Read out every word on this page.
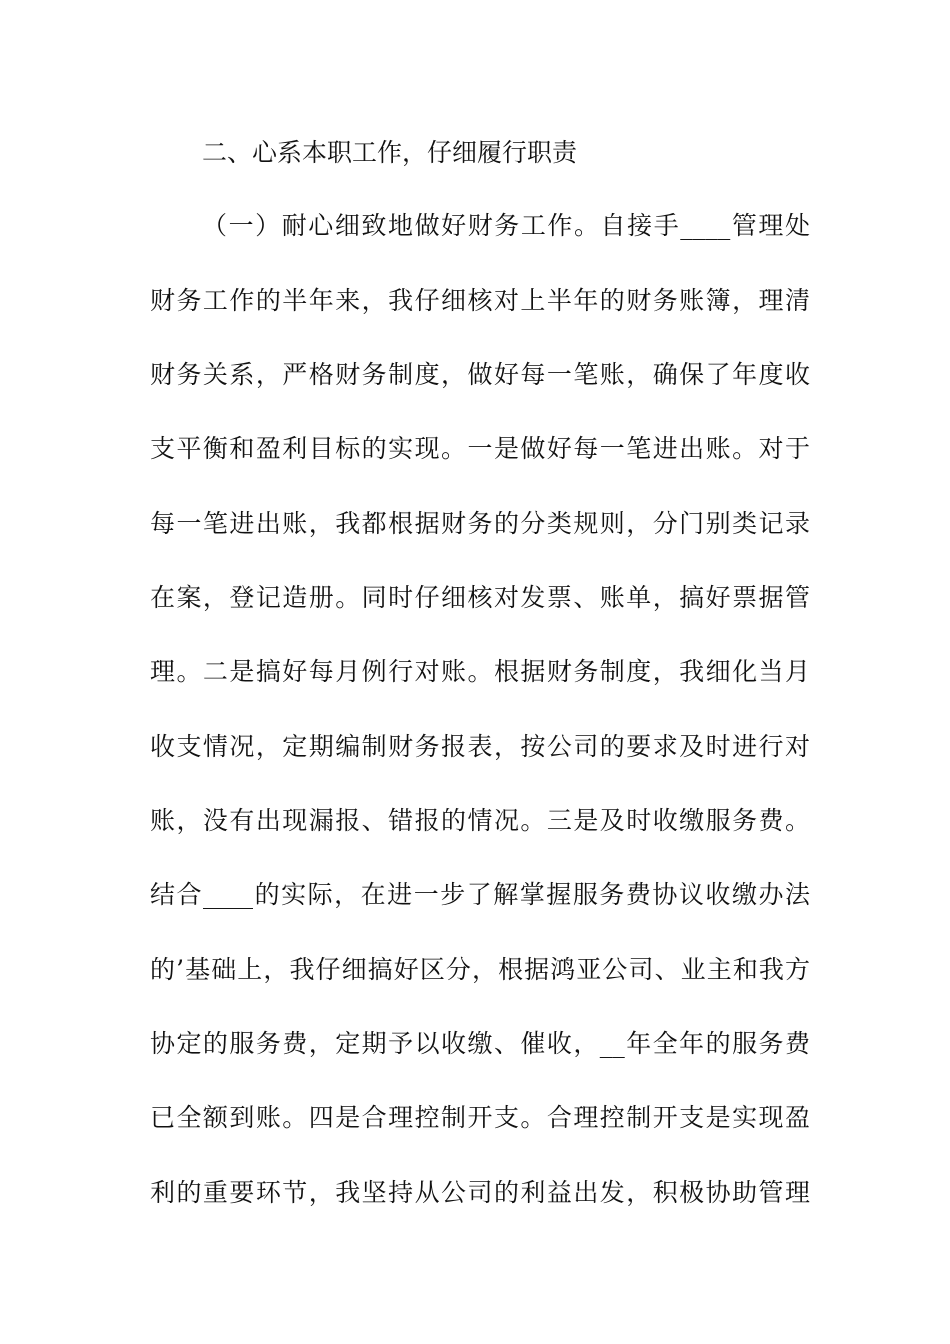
二、心系本职工作，仔细履行职责
（一）耐心细致地做好财务工作。自接手____管理处
财务工作的半年来，我仔细核对上半年的财务账簿，理清
财务关系，严格财务制度，做好每一笔账，确保了年度收
支平衡和盈利目标的实现。一是做好每一笔进出账。对于
每一笔进出账，我都根据财务的分类规则，分门别类记录
在案，登记造册。同时仔细核对发票、账单，搞好票据管
理。二是搞好每月例行对账。根据财务制度，我细化当月
收支情况，定期编制财务报表，按公司的要求及时进行对
账，没有出现漏报、错报的情况。三是及时收缴服务费。
结合____的实际，在进一步了解掌握服务费协议收缴办法
的’基础上，我仔细搞好区分，根据鸿亚公司、业主和我方
协定的服务费，定期予以收缴、催收，__年全年的服务费
已全额到账。四是合理控制开支。合理控制开支是实现盈
利的重要环节，我坚持从公司的利益出发，积极协助管理
